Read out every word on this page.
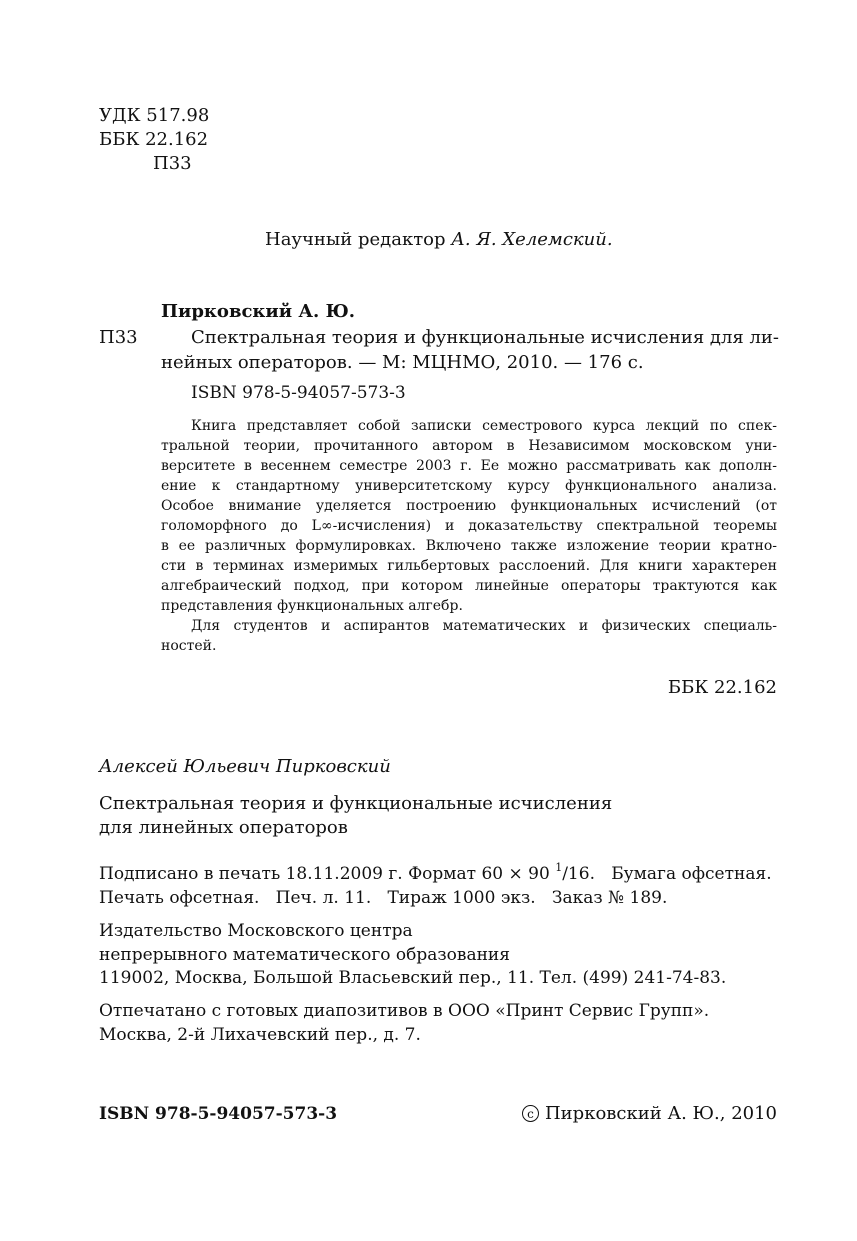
УДК 517.98
ББК 22.162
П33
Научный редактор А. Я. Хелемский.
Пирковский А. Ю.
П33	Спектральная теория и функциональные исчисления для ли-
нейных операторов. — М: МЦНМО, 2010. — 176 с.
ISBN 978-5-94057-573-3
Книга представляет собой записки семестрового курса лекций по спек-
тральной теории, прочитанного автором в Независимом московском уни-
верситете в весеннем семестре 2003 г. Ее можно рассматривать как дополн-
ение к стандартному университетскому курсу функционального анализа.
Особое внимание уделяется построению функциональных исчислений (от
голоморфного до L∞-исчисления) и доказательству спектральной теоремы
в ее различных формулировках. Включено также изложение теории кратно-
сти в терминах измеримых гильбертовых расслоений. Для книги характерен
алгебраический подход, при котором линейные операторы трактуются как
представления функциональных алгебр.
Для студентов и аспирантов математических и физических специаль-
ностей.
ББК 22.162
Алексей Юльевич Пирковский
Спектральная теория и функциональные исчисления
для линейных операторов
Подписано в печать 18.11.2009 г. Формат 60 × 90 $^1$/16. Бумага офсетная.
Печать офсетная.   Печ. л. 11.   Тираж 1000 экз.   Заказ № 189.
Издательство Московского центра
непрерывного математического образования
119002, Москва, Большой Власьевский пер., 11. Тел. (499) 241-74-83.
Отпечатано с готовых диапозитивов в ООО «Принт Сервис Групп».
Москва, 2-й Лихачевский пер., д. 7.
ISBN 978-5-94057-573-3	c Пирковский А. Ю., 2010
